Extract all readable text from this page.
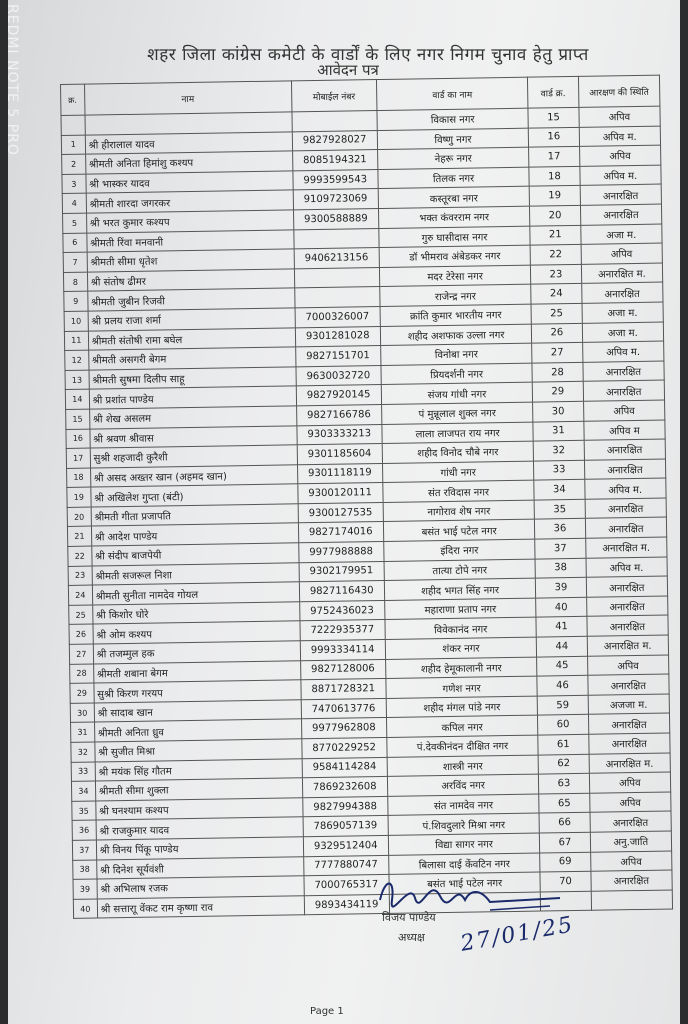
शहर जिला कांग्रेस कमेटी के वार्डों के लिए नगर निगम चुनाव हेतु प्राप्त
आवेदन पत्र
क्र.	नाम	मोबाईल नंबर	वार्ड का नाम	वार्ड क्र.	आरक्षण की स्थिति
			विकास नगर	15	अपिव
1	श्री हीरालाल यादव	9827928027	विष्णु नगर	16	अपिव म.
2	श्रीमती अनिता हिमांशु कश्यप	8085194321	नेहरू नगर	17	अपिव
3	श्री भास्कर यादव	9993599543	तिलक नगर	18	अपिव म.
4	श्रीमती शारदा जगरकर	9109723069	कस्तूरबा नगर	19	अनारक्षित
5	श्री भरत कुमार कश्यप	9300588889	भक्त कंवरराम नगर	20	अनारक्षित
6	श्रीमती रिंवा मनवानी		गुरु घासीदास नगर	21	अजा म.
7	श्रीमती सीमा धृतेश	9406213156	डॉ भीमराव अंबेडकर नगर	22	अपिव
8	श्री संतोष ढीमर		मदर टेरेसा नगर	23	अनारक्षित म.
9	श्रीमती जुबीन रिजवी		राजेन्द्र नगर	24	अनारक्षित
10	श्री प्रलय राजा शर्मा	7000326007	क्रांति कुमार भारतीय नगर	25	अजा म.
11	श्रीमती संतोषी रामा बघेल	9301281028	शहीद अशफाक उल्ला नगर	26	अजा म.
12	श्रीमती असगरी बेगम	9827151701	विनोबा नगर	27	अपिव म.
13	श्रीमती सुषमा दिलीप साहू	9630032720	प्रियदर्शनी नगर	28	अनारक्षित
14	श्री प्रशांत पाण्डेय	9827920145	संजय गांधी नगर	29	अनारक्षित
15	श्री शेख असलम	9827166786	पं मुन्नूलाल शुक्ल नगर	30	अपिव
16	श्री श्रवण श्रीवास	9303333213	लाला लाजपत राय नगर	31	अपिव म
17	सुश्री शहजादी कुरैशी	9301185604	शहीद विनोद चौबे नगर	32	अनारक्षित
18	श्री असद अख्तर खान (अहमद खान)	9301118119	गांधी नगर	33	अनारक्षित
19	श्री अखिलेश गुप्ता (बंटी)	9300120111	संत रविदास नगर	34	अपिव म.
20	श्रीमती गीता प्रजापति	9300127535	नागोराव शेष नगर	35	अनारक्षित
21	श्री आदेश पाण्डेय	9827174016	बसंत भाई पटेल नगर	36	अनारक्षित
22	श्री संदीप बाजपेयी	9977988888	इंदिरा नगर	37	अनारक्षित म.
23	श्रीमती सजरूल निशा	9302179951	तात्या टोपे नगर	38	अपिव म.
24	श्रीमती सुनीता नामदेव गोयल	9827116430	शहीद भगत सिंह नगर	39	अनारक्षित
25	श्री किशोर घोरे	9752436023	महाराणा प्रताप नगर	40	अनारक्षित
26	श्री ओम कश्यप	7222935377	विवेकानंद नगर	41	अनारक्षित
27	श्री तजम्मुल हक	9993334114	शंकर नगर	44	अनारक्षित म.
28	श्रीमती शबाना बेगम	9827128006	शहीद हेमूकालानी नगर	45	अपिव
29	सुश्री किरण गरयप	8871728321	गणेश नगर	46	अनारक्षित
30	श्री सादाब खान	7470613776	शहीद मंगल पांडे नगर	59	अजजा म.
31	श्रीमती अनिता ध्रुव	9977962808	कपिल नगर	60	अनारक्षित
32	श्री सुजीत मिश्रा	8770229252	पं.देवकीनंदन दीक्षित नगर	61	अनारक्षित
33	श्री मयंक सिंह गौतम	9584114284	शास्त्री नगर	62	अनारक्षित म.
34	श्रीमती सीमा शुक्ला	7869232608	अरविंद नगर	63	अपिव
35	श्री घनश्याम कश्यप	9827994388	संत नामदेव नगर	65	अपिव
36	श्री राजकुमार यादव	7869057139	पं.शिवदुलारे मिश्रा नगर	66	अनारक्षित
37	श्री विनय पिंकू पाण्डेय	9329512404	विद्या सागर नगर	67	अनु.जाति
38	श्री दिनेश सूर्यवंशी	7777880747	बिलासा दाई केंवटिन नगर	69	अपिव
39	श्री अभिलाष रजक	7000765317	बसंत भाई पटेल नगर	70	अनारक्षित
40	श्री सत्ताराू वेंकट राम कृष्णा राव	9893434119			
REDMI NOTE 5 PRO
विजय पाण्डेय
अध्यक्ष 27/01/25
Page 1
